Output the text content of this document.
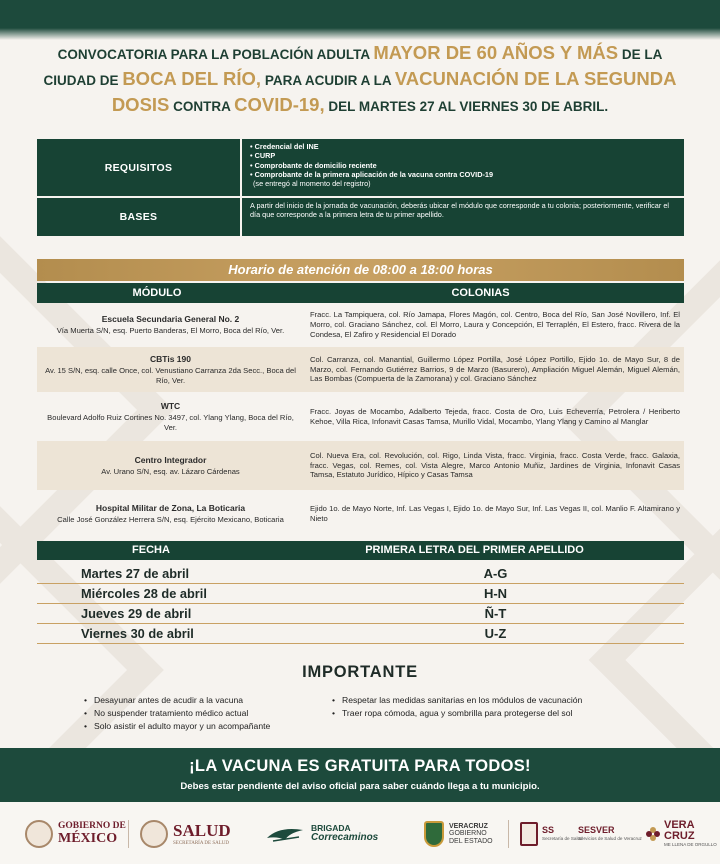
CONVOCATORIA PARA LA POBLACIÓN ADULTA MAYOR DE 60 AÑOS Y MÁS DE LA CIUDAD DE BOCA DEL RÍO, PARA ACUDIR A LA VACUNACIÓN DE LA SEGUNDA DOSIS CONTRA COVID-19, DEL MARTES 27 AL VIERNES 30 DE ABRIL.
REQUISITOS
• Credencial del INE
• CURP
• Comprobante de domicilio reciente
• Comprobante de la primera aplicación de la vacuna contra COVID-19
(se entregó al momento del registro)
BASES
A partir del inicio de la jornada de vacunación, deberás ubicar el módulo que corresponde a tu colonia; posteriormente, verificar el día que corresponde a la primera letra de tu primer apellido.
Horario de atención de 08:00 a 18:00 horas
MÓDULO	COLONIAS
Escuela Secundaria General No. 2
Vía Muerta S/N, esq. Puerto Banderas, El Morro, Boca del Río, Ver.
Fracc. La Tampiquera, col. Río Jamapa, Flores Magón, col. Centro, Boca del Río, San José Novillero, Inf. El Morro, col. Graciano Sánchez, col. El Morro, Laura y Concepción, El Terraplén, El Estero, fracc. Rivera de la Condesa, El Zafiro y Residencial El Dorado
CBTis 190
Av. 15 S/N, esq. calle Once, col. Venustiano Carranza 2da Secc., Boca del Río, Ver.
Col. Carranza, col. Manantial, Guillermo López Portilla, José López Portillo, Ejido 1o. de Mayo Sur, 8 de Marzo, col. Fernando Gutiérrez Barrios, 9 de Marzo (Basurero), Ampliación Miguel Alemán, Miguel Alemán, Las Bombas (Compuerta de la Zamorana) y col. Graciano Sánchez
WTC
Boulevard Adolfo Ruiz Cortines No. 3497, col. Ylang Ylang, Boca del Río, Ver.
Fracc. Joyas de Mocambo, Adalberto Tejeda, fracc. Costa de Oro, Luis Echeverría, Petrolera / Heriberto Kehoe, Villa Rica, Infonavit Casas Tamsa, Murillo Vidal, Mocambo, Ylang Ylang y Camino al Manglar
Centro Integrador
Av. Urano S/N, esq. av. Lázaro Cárdenas
Col. Nueva Era, col. Revolución, col. Rigo, Linda Vista, fracc. Virginia, fracc. Costa Verde, fracc. Galaxia, fracc. Vegas, col. Remes, col. Vista Alegre, Marco Antonio Muñiz, Jardines de Virginia, Infonavit Casas Tamsa, Estatuto Jurídico, Hípico y Casas Tamsa
Hospital Militar de Zona, La Boticaria
Calle José González Herrera S/N, esq. Ejército Mexicano, Boticaria
Ejido 1o. de Mayo Norte, Inf. Las Vegas I, Ejido 1o. de Mayo Sur, Inf. Las Vegas II, col. Manlio F. Altamirano y Nieto
FECHA	PRIMERA LETRA DEL PRIMER APELLIDO
Martes 27 de abril	A-G
Miércoles 28 de abril	H-N
Jueves 29 de abril	Ñ-T
Viernes 30 de abril	U-Z
IMPORTANTE
• Desayunar antes de acudir a la vacuna
• No suspender tratamiento médico actual
• Solo asistir el adulto mayor y un acompañante
• Respetar las medidas sanitarias en los módulos de vacunación
• Traer ropa cómoda, agua y sombrilla para protegerse del sol
¡LA VACUNA ES GRATUITA PARA TODOS!
Debes estar pendiente del aviso oficial para saber cuándo llega a tu municipio.
GOBIERNO DE
MÉXICO	SALUD
SECRETARÍA DE SALUD
BRIGADA
Correcaminos
VERACRUZ
GOBIERNO
DEL ESTADO
SS
Secretaría de Salud
SESVER
Servicios de Salud de Veracruz
VERA
CRUZ
ME LLENA DE ORGULLO
